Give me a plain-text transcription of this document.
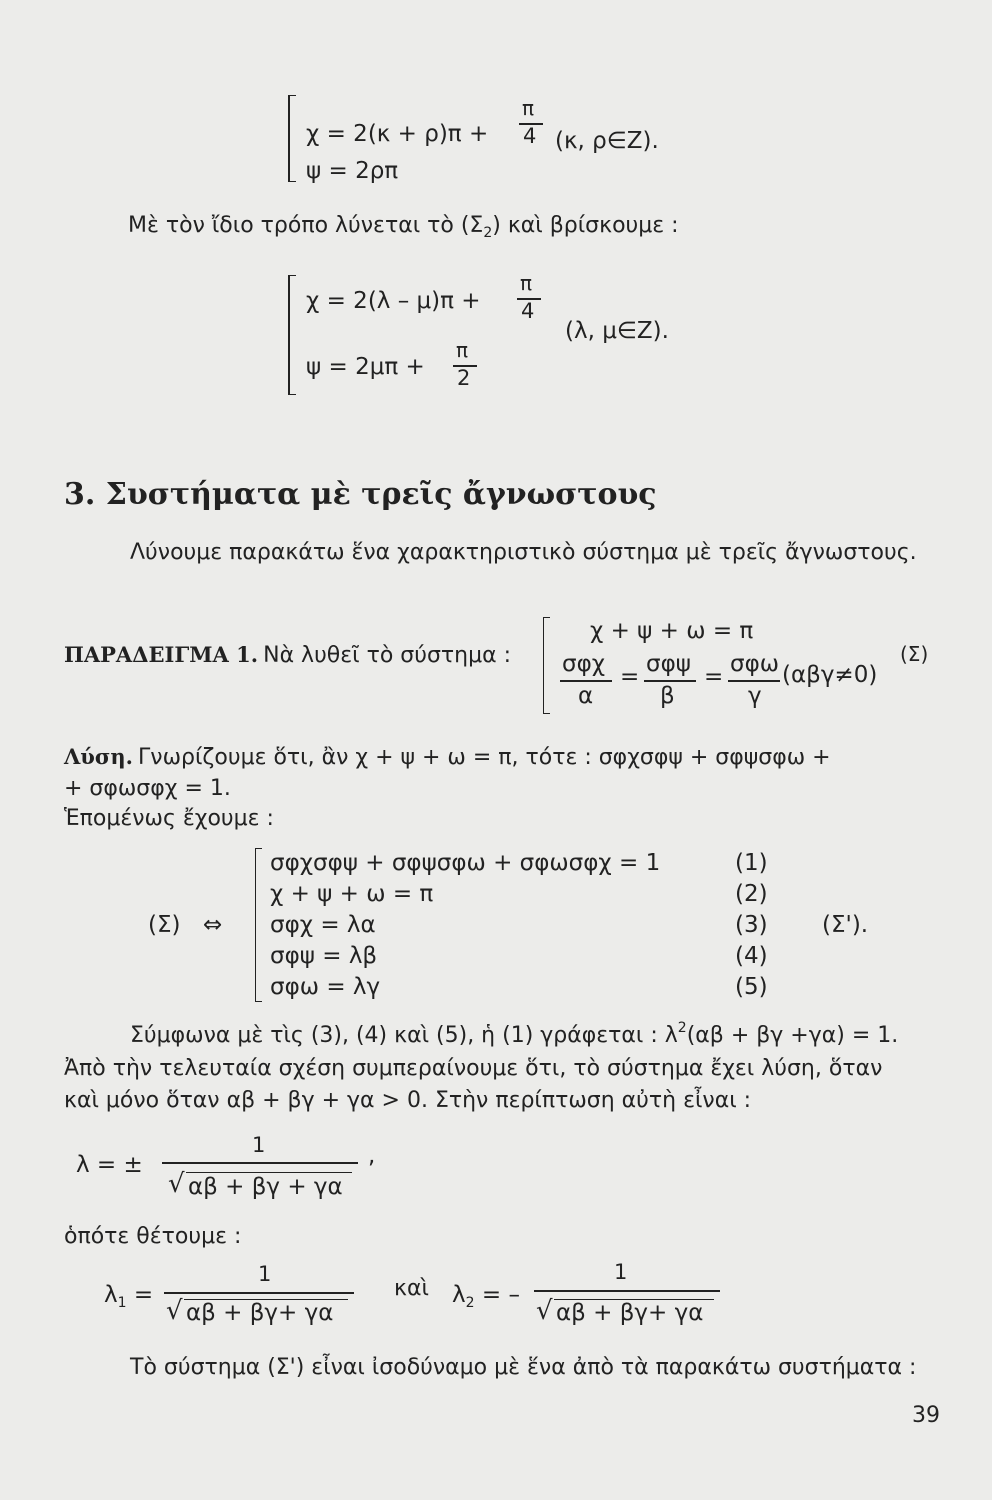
χ = 2(κ + ρ)π +
π
4 (κ, ρ∈Z).
ψ = 2ρπ
Μὲ τὸν ἴδιο τρόπο λύνεται τὸ $(\Sigma_2)$ καὶ βρίσκουμε :
χ = 2(λ – μ)π +
π
4
(λ, μ∈Z).
ψ = 2μπ +
π
2
3. Συστήματα μὲ τρεῖς ἄγνωστους
Λύνουμε παρακάτω ἕνα χαρακτηριστικὸ σύστημα μὲ τρεῖς ἄγνωστους.
ΠΑΡΑΔΕΙΓΜΑ 1. Νὰ λυθεῖ τὸ σύστημα :
χ + ψ + ω = π
σφχ
α
= σφψ
β
= σφω
γ
(αβγ≠0)
(Σ)
Λύση. Γνωρίζουμε ὅτι, ἂν χ + ψ + ω = π, τότε : σφχσφψ + σφψσφω +
+ σφωσφχ = 1.
Ἑπομένως ἔχουμε :
(Σ) ⇔
σφχσφψ + σφψσφω + σφωσφχ = 1	(1)
χ + ψ + ω = π	(2)
σφχ = λα	(3)
σφψ = λβ	(4)
σφω = λγ	(5)
(Σ').
Σύμφωνα μὲ τὶς (3), (4) καὶ (5), ἡ (1) γράφεται : $\lambda^2(\alpha\beta + \beta\gamma +\gamma\alpha) = 1$.
Ἀπὸ τὴν τελευταία σχέση συμπεραίνουμε ὅτι, τὸ σύστημα ἔχει λύση, ὅταν
καὶ μόνο ὅταν αβ + βγ + γα > 0. Στὴν περίπτωση αὐτὴ εἶναι :
λ = ±
1
√ αβ + βγ + γα
,
ὁπότε θέτουμε :
$\lambda_1$ =
1
√ αβ + βγ+ γα
καὶ $\lambda_2$ = –
1
√ αβ + βγ+ γα
Τὸ σύστημα (Σ') εἶναι ἰσοδύναμο μὲ ἕνα ἀπὸ τὰ παρακάτω συστήματα :
39
